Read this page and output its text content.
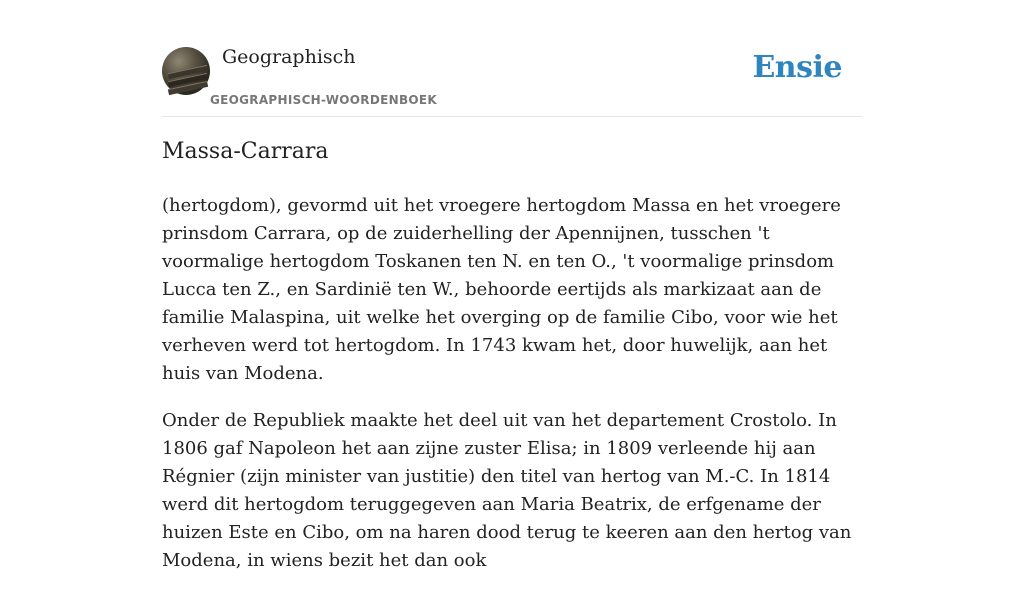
Geographisch
GEOGRAPHISCH-WOORDENBOEK
Ensie
Massa-Carrara

(hertogdom), gevormd uit het vroegere hertogdom Massa en het vroegere prinsdom Carrara, op de zuiderhelling der Apennijnen, tusschen 't voormalige hertogdom Toskanen ten N. en ten O., 't voormalige prinsdom Lucca ten Z., en Sardinië ten W., behoorde eertijds als markizaat aan de familie Malaspina, uit welke het overging op de familie Cibo, voor wie het verheven werd tot hertogdom. In 1743 kwam het, door huwelijk, aan het huis van Modena.

Onder de Republiek maakte het deel uit van het departement Crostolo. In 1806 gaf Napoleon het aan zijne zuster Elisa; in 1809 verleende hij aan Régnier (zijn minister van justitie) den titel van hertog van M.-C. In 1814 werd dit hertogdom teruggegeven aan Maria Beatrix, de erfgename der huizen Este en Cibo, om na haren dood terug te keeren aan den hertog van Modena, in wiens bezit het dan ook
